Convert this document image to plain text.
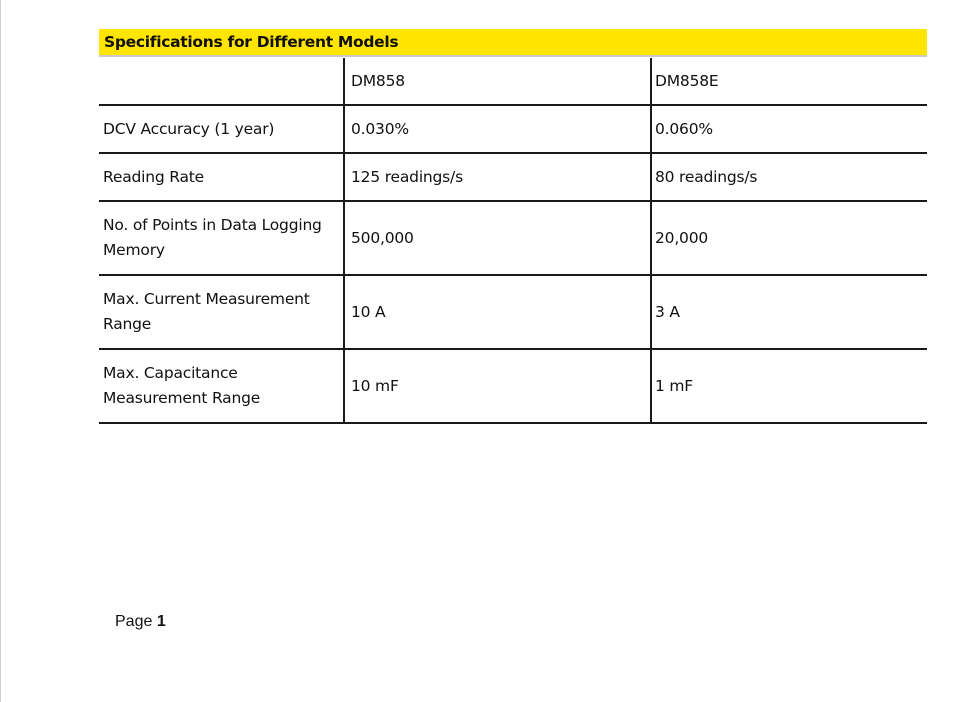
Specifications for Different Models
	DM858	DM858E
DCV Accuracy (1 year)	0.030%	0.060%
Reading Rate	125 readings/s	80 readings/s
No. of Points in Data Logging Memory	500,000	20,000
Max. Current Measurement Range	10 A	3 A
Max. Capacitance Measurement Range	10 mF	1 mF
Page 1
